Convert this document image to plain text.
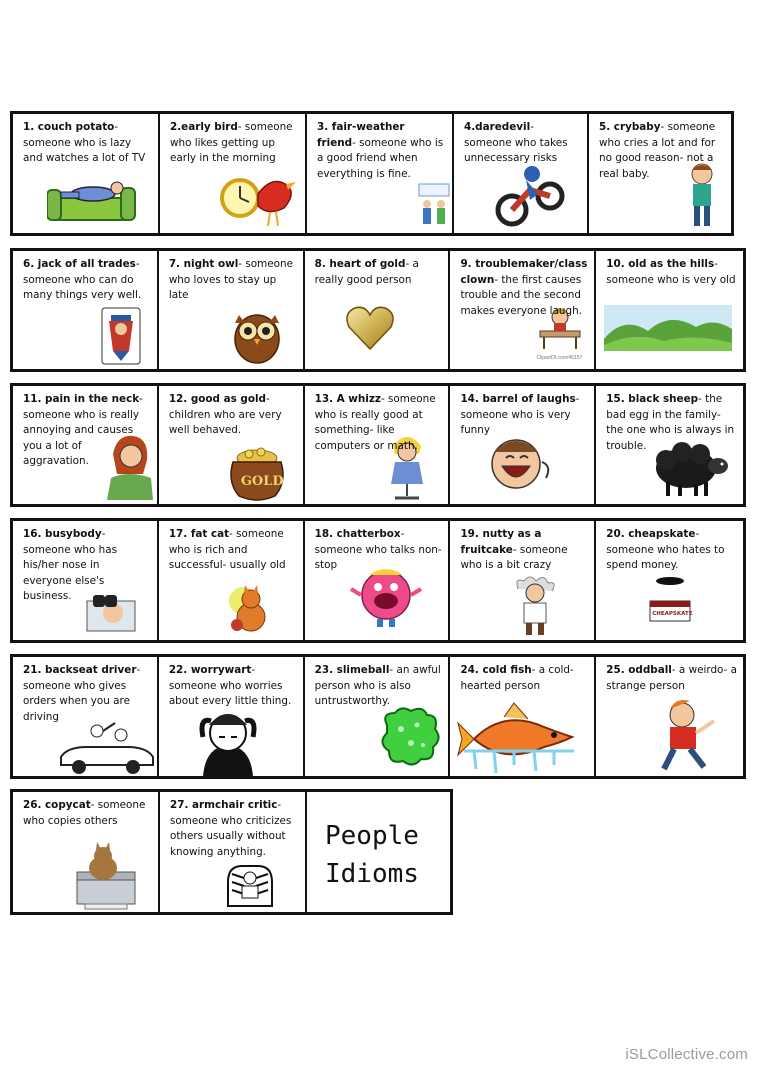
1. couch potato- someone who is lazy and watches a lot of TV
2.early bird- someone who likes getting up early in the morning
3. fair-weather friend- someone who is a good friend when everything is fine.
4.daredevil- someone who takes unnecessary risks
5. crybaby- someone who cries a lot and for no good reason- not a real baby.
6. jack of all trades- someone who can do many things very well.
7. night owl- someone who loves to stay up late
8. heart of gold- a really good person
9. troublemaker/class clown- the first causes trouble and the second makes everyone laugh.
ClipartOf.com/45157
10. old as the hills- someone who is very old
11. pain in the neck- someone who is really annoying and causes you a lot of aggravation.
12. good as gold- children who are very well behaved.
GOLD
13. A whizz- someone who is really good at something- like computers or math.
14. barrel of laughs- someone who is very funny
15. black sheep- the bad egg in the family- the one who is always in trouble.
16. busybody- someone who has his/her nose in everyone else's business.
17. fat cat- someone who is rich and successful- usually old
18. chatterbox- someone who talks non-stop
19. nutty as a fruitcake- someone who is a bit crazy
20. cheapskate- someone who hates to spend money.
CHEAPSKATE
21. backseat driver- someone who gives orders when you are driving
22. worrywart- someone who worries about every little thing.
23. slimeball- an awful person who is also untrustworthy.
24. cold fish- a cold-hearted person
25. oddball- a weirdo- a strange person
26. copycat- someone who copies others
27. armchair critic- someone who criticizes others usually without knowing anything.
People
Idioms
iSLCollective.com
